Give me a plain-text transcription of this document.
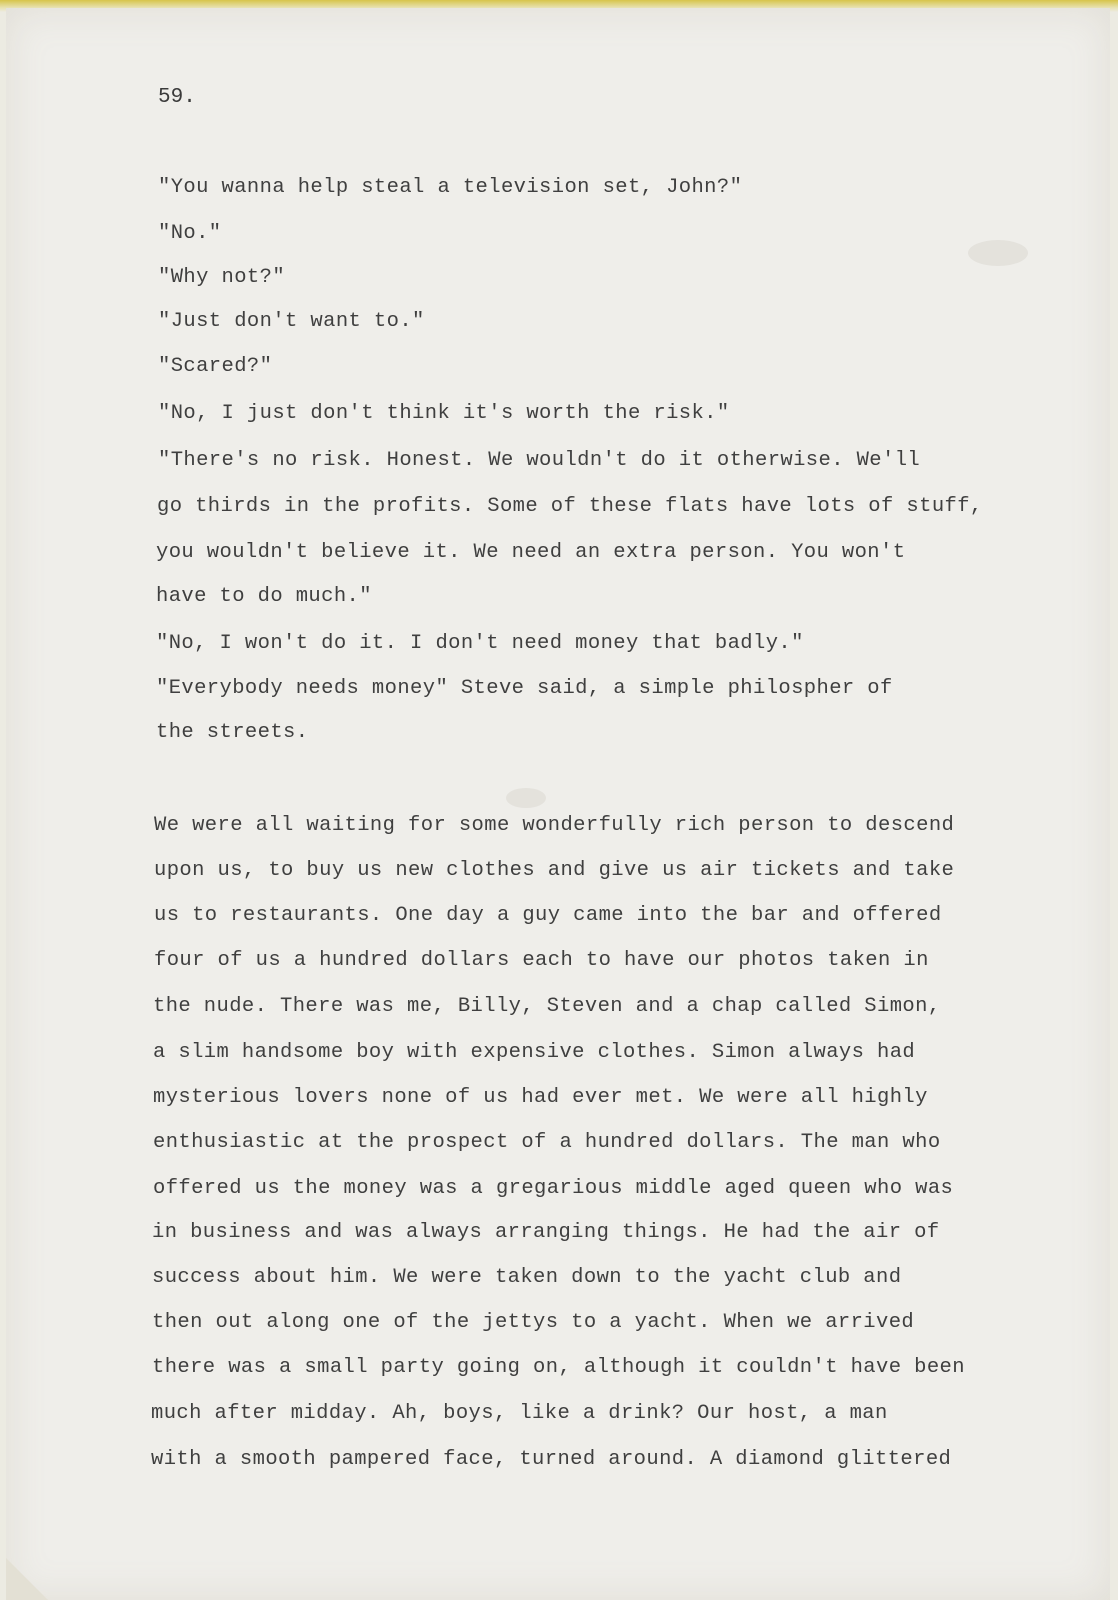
59.

"You wanna help steal a television set, John?"

"No."

"Why not?"

"Just don't want to."

"Scared?"

"No, I just don't think it's worth the risk."

"There's no risk. Honest. We wouldn't do it otherwise. We'll

go thirds in the profits. Some of these flats have lots of stuff,

you wouldn't believe it. We need an extra person. You won't

have to do much."

"No, I won't do it. I don't need money that badly."

"Everybody needs money" Steve said, a simple philospher of

the streets.

We were all waiting for some wonderfully rich person to descend

upon us, to buy us new clothes and give us air tickets and take

us to restaurants. One day a guy came into the bar and offered

four of us a hundred dollars each to have our photos taken in

the nude. There was me, Billy, Steven and a chap called Simon,

a slim handsome boy with expensive clothes. Simon always had

mysterious lovers none of us had ever met. We were all highly

enthusiastic at the prospect of a hundred dollars. The man who

offered us the money was a gregarious middle aged queen who was

in business and was always arranging things. He had the air of

success about him. We were taken down to the yacht club and

then out along one of the jettys to a yacht. When we arrived

there was a small party going on, although it couldn't have been

much after midday. Ah, boys, like a drink? Our host, a man

with a smooth pampered face, turned around. A diamond glittered
